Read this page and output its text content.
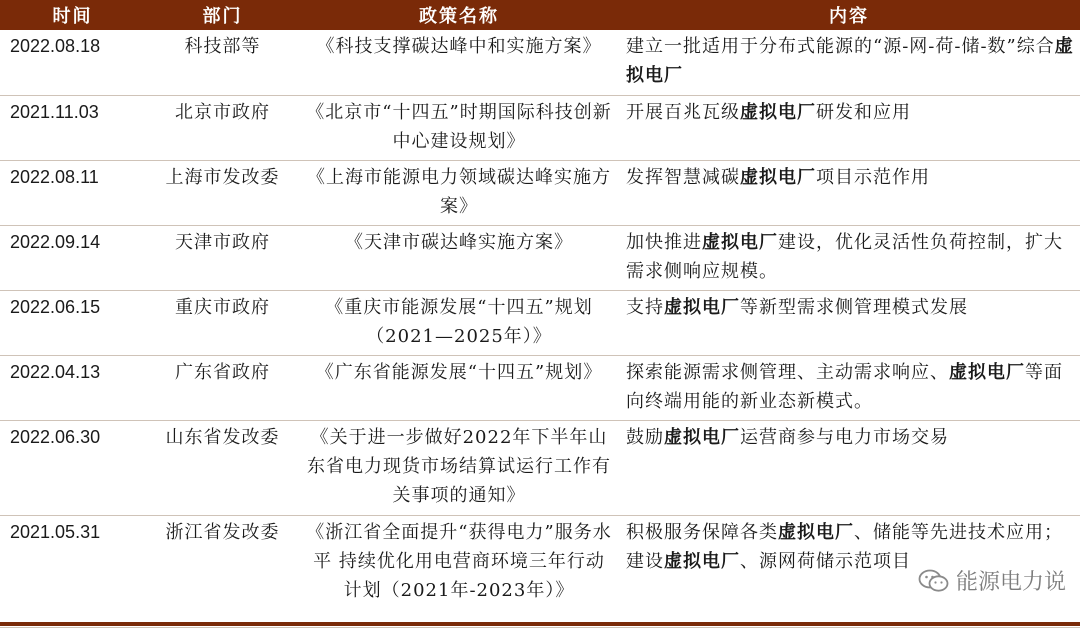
时间	部门	政策名称	内容
2022.08.18	科技部等	《科技支撑碳达峰中和实施方案》	建立一批适用于分布式能源的“源-网-荷-储-数”综合虚拟电厂
2021.11.03	北京市政府	《北京市“十四五”时期国际科技创新中心建设规划》	开展百兆瓦级虚拟电厂研发和应用
2022.08.11	上海市发改委	《上海市能源电力领域碳达峰实施方案》	发挥智慧减碳虚拟电厂项目示范作用
2022.09.14	天津市政府	《天津市碳达峰实施方案》	加快推进虚拟电厂建设，优化灵活性负荷控制，扩大需求侧响应规模。
2022.06.15	重庆市政府	《重庆市能源发展“十四五”规划（2021—2025年）》	支持虚拟电厂等新型需求侧管理模式发展
2022.04.13	广东省政府	《广东省能源发展“十四五”规划》	探索能源需求侧管理、主动需求响应、虚拟电厂等面向终端用能的新业态新模式。
2022.06.30	山东省发改委	《关于进一步做好2022年下半年山东省电力现货市场结算试运行工作有关事项的通知》	鼓励虚拟电厂运营商参与电力市场交易
2021.05.31	浙江省发改委	《浙江省全面提升“获得电力”服务水平 持续优化用电营商环境三年行动计划（2021年-2023年）》	积极服务保障各类虚拟电厂、储能等先进技术应用；建设虚拟电厂、源网荷储示范项目
能源电力说
